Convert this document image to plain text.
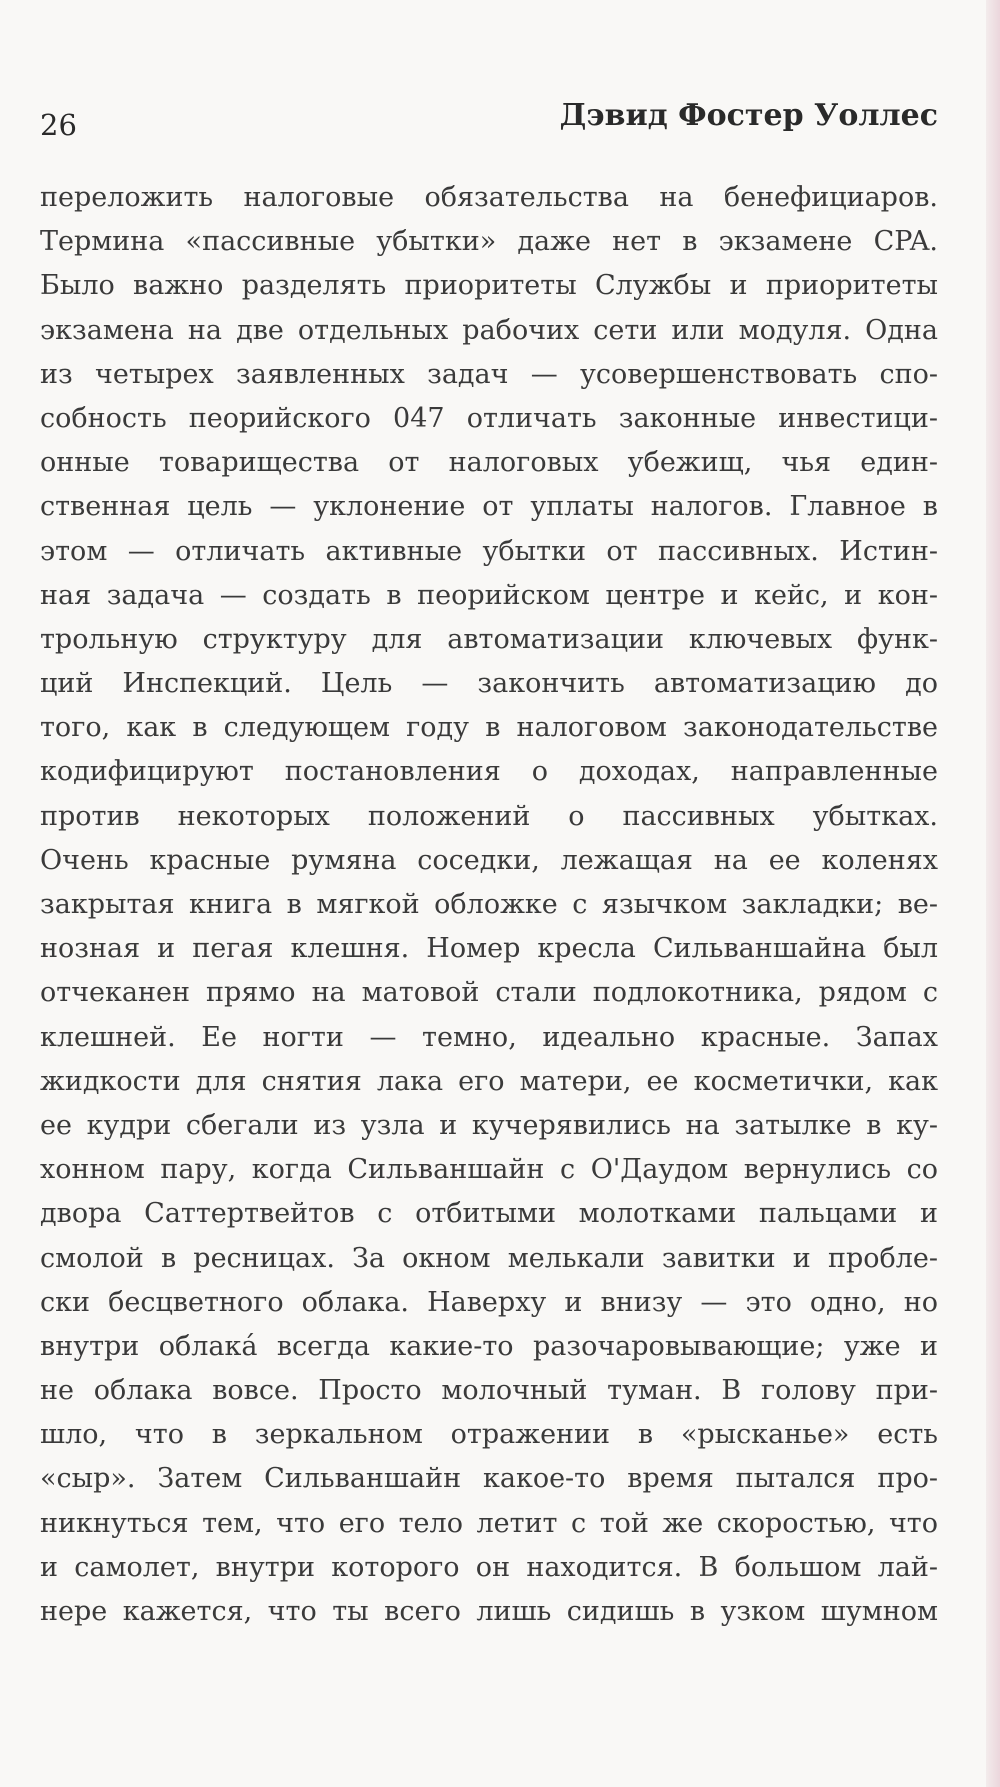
26	Дэвид Фостер Уоллес
переложить налоговые обязательства на бенефициаров.
Термина «пассивные убытки» даже нет в экзамене CPA.
Было важно разделять приоритеты Службы и приоритеты
экзамена на две отдельных рабочих сети или модуля. Одна
из четырех заявленных задач — усовершенствовать спо-
собность пеорийского 047 отличать законные инвестици-
онные товарищества от налоговых убежищ, чья един-
ственная цель — уклонение от уплаты налогов. Главное в
этом — отличать активные убытки от пассивных. Истин-
ная задача — создать в пеорийском центре и кейс, и кон-
трольную структуру для автоматизации ключевых функ-
ций Инспекций. Цель — закончить автоматизацию до
того, как в следующем году в налоговом законодательстве
кодифицируют постановления о доходах, направленные
против некоторых положений о пассивных убытках.
Очень красные румяна соседки, лежащая на ее коленях
закрытая книга в мягкой обложке с язычком закладки; ве-
нозная и пегая клешня. Номер кресла Сильваншайна был
отчеканен прямо на матовой стали подлокотника, рядом с
клешней. Ее ногти — темно, идеально красные. Запах
жидкости для снятия лака его матери, ее косметички, как
ее кудри сбегали из узла и кучерявились на затылке в ку-
хонном пару, когда Сильваншайн с О'Даудом вернулись со
двора Саттертвейтов с отбитыми молотками пальцами и
смолой в ресницах. За окном мелькали завитки и пробле-
ски бесцветного облака. Наверху и внизу — это одно, но
внутри облака́ всегда какие-то разочаровывающие; уже и
не облака вовсе. Просто молочный туман. В голову при-
шло, что в зеркальном отражении в «рысканье» есть
«сыр». Затем Сильваншайн какое-то время пытался про-
никнуться тем, что его тело летит с той же скоростью, что
и самолет, внутри которого он находится. В большом лай-
нере кажется, что ты всего лишь сидишь в узком шумном
